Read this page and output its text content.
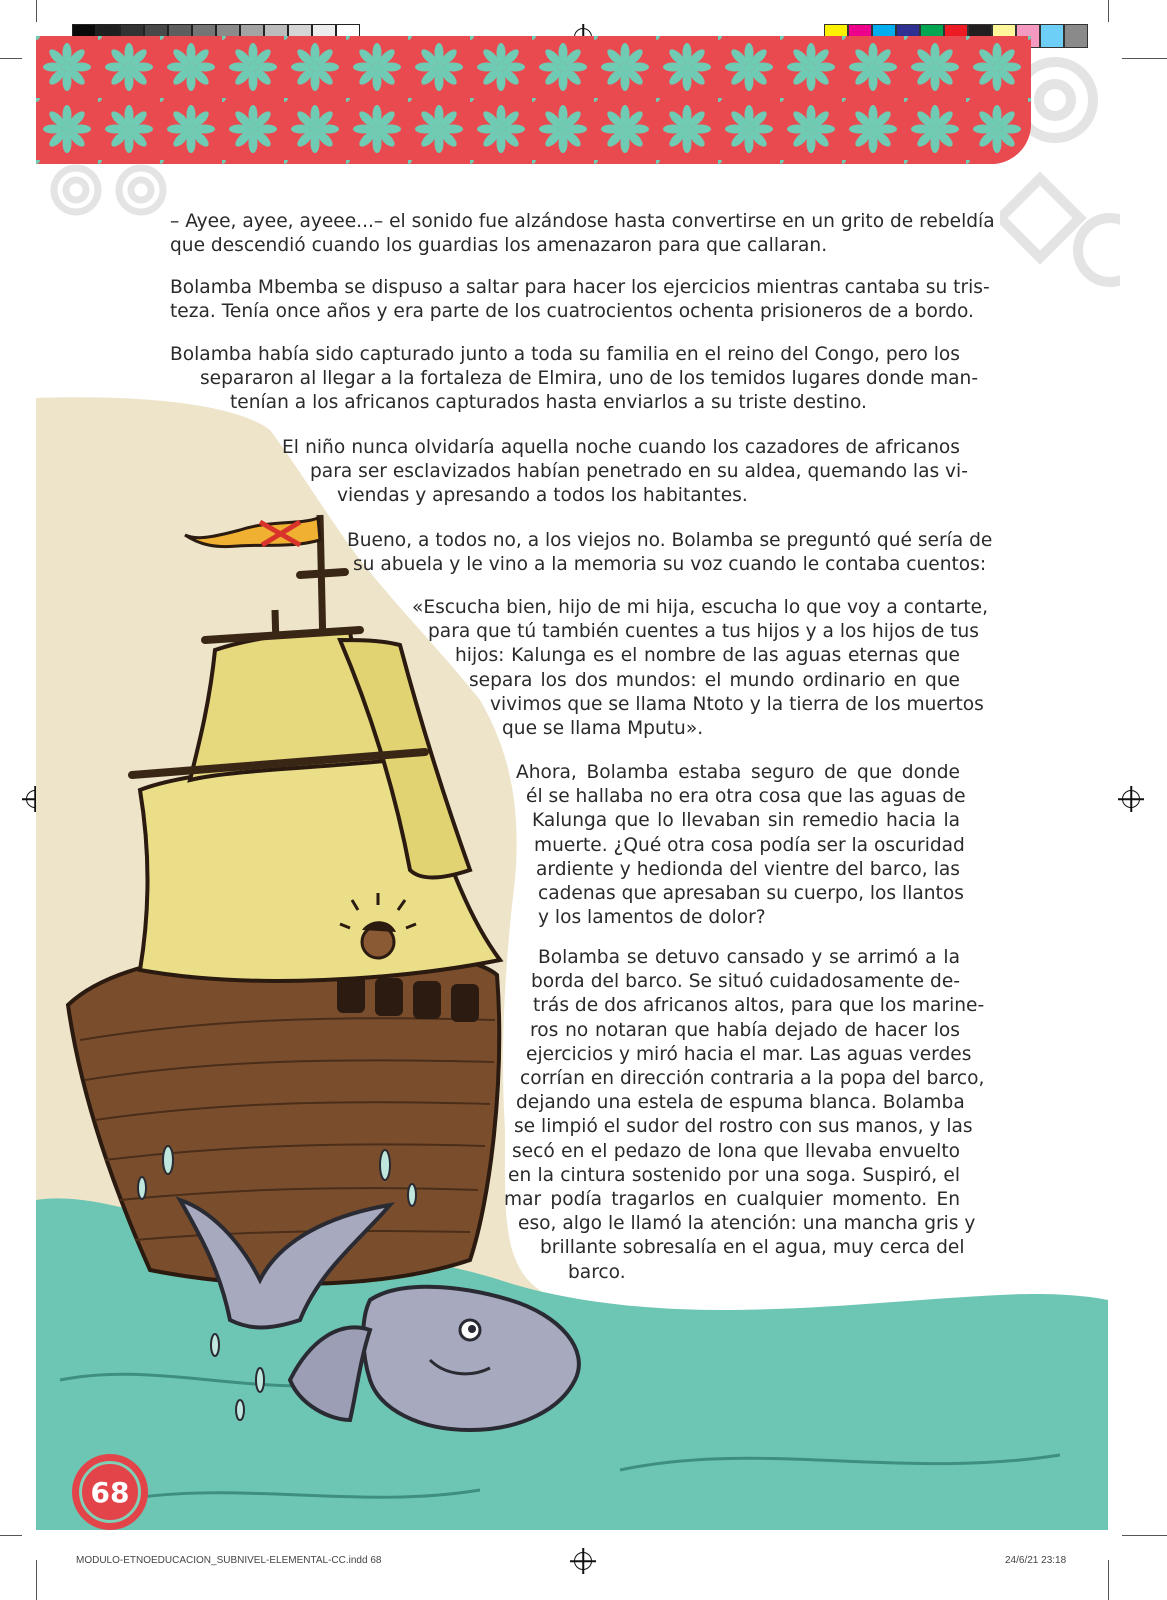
– Ayee, ayee, ayeee...– el sonido fue alzándose hasta convertirse en un grito de rebeldía
que descendió cuando los guardias los amenazaron para que callaran.

Bolamba Mbemba se dispuso a saltar para hacer los ejercicios mientras cantaba su tris-
teza. Tenía once años y era parte de los cuatrocientos ochenta prisioneros de a bordo.

Bolamba había sido capturado junto a toda su familia en el reino del Congo, pero los
separaron al llegar a la fortaleza de Elmira, uno de los temidos lugares donde man-
tenían a los africanos capturados hasta enviarlos a su triste destino.

El niño nunca olvidaría aquella noche cuando los cazadores de africanos
para ser esclavizados habían penetrado en su aldea, quemando las vi-
viendas y apresando a todos los habitantes.

Bueno, a todos no, a los viejos no. Bolamba se preguntó qué sería de
su abuela y le vino a la memoria su voz cuando le contaba cuentos:

«Escucha bien, hijo de mi hija, escucha lo que voy a contarte,
para que tú también cuentes a tus hijos y a los hijos de tus
hijos: Kalunga es el nombre de las aguas eternas que
separa los dos mundos: el mundo ordinario en que
vivimos que se llama Ntoto y la tierra de los muertos
que se llama Mputu».

Ahora, Bolamba estaba seguro de que donde
él se hallaba no era otra cosa que las aguas de
Kalunga que lo llevaban sin remedio hacia la
muerte. ¿Qué otra cosa podía ser la oscuridad
ardiente y hedionda del vientre del barco, las
cadenas que apresaban su cuerpo, los llantos
y los lamentos de dolor?

Bolamba se detuvo cansado y se arrimó a la
borda del barco. Se situó cuidadosamente de-
trás de dos africanos altos, para que los marine-
ros no notaran que había dejado de hacer los
ejercicios y miró hacia el mar. Las aguas verdes
corrían en dirección contraria a la popa del barco,
dejando una estela de espuma blanca. Bolamba
se limpió el sudor del rostro con sus manos, y las
secó en el pedazo de lona que llevaba envuelto
en la cintura sostenido por una soga. Suspiró, el
mar podía tragarlos en cualquier momento. En
eso, algo le llamó la atención: una mancha gris y
brillante sobresalía en el agua, muy cerca del
barco.

68
MODULO-ETNOEDUCACION_SUBNIVEL-ELEMENTAL-CC.indd 68	24/6/21 23:18
